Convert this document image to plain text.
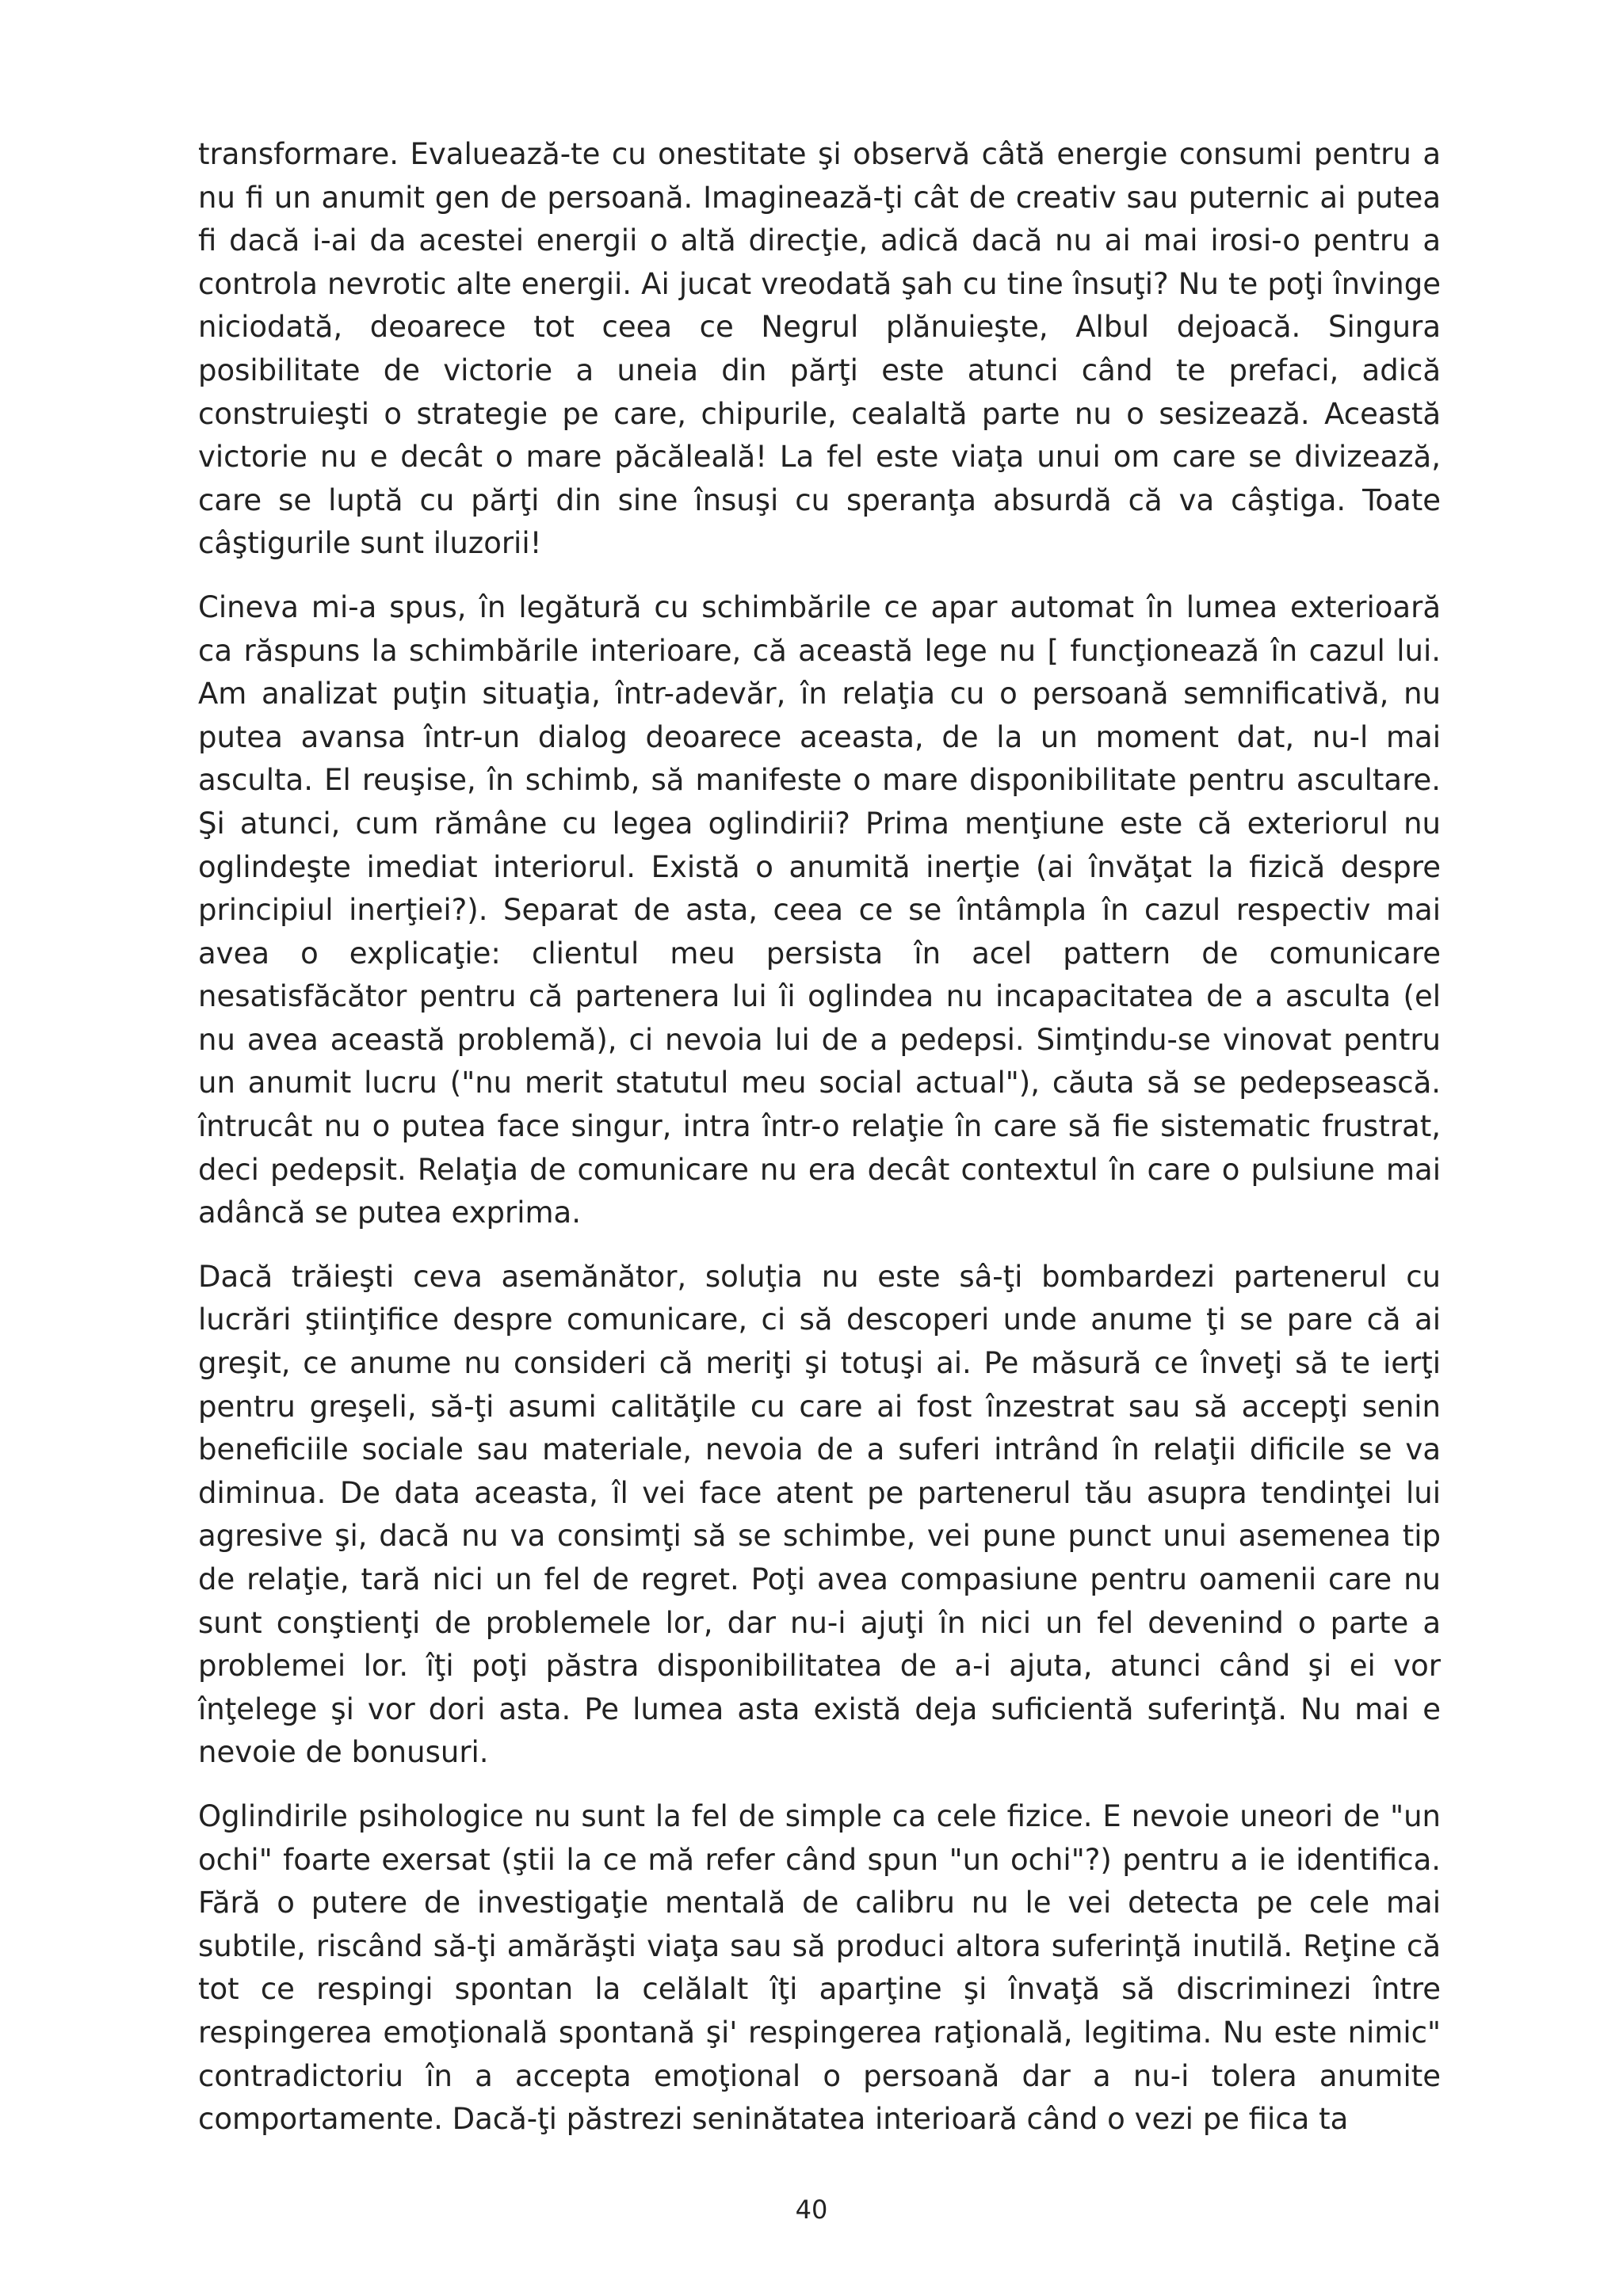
transformare. Evaluează-te cu onestitate şi observă câtă energie consumi pentru a nu fi un anumit gen de persoană. Imaginează-ţi cât de creativ sau puternic ai putea fi dacă i-ai da acestei energii o altă direcţie, adică dacă nu ai mai irosi-o pentru a controla nevrotic alte energii. Ai jucat vreodată şah cu tine însuţi? Nu te poţi învinge niciodată, deoarece tot ceea ce Negrul plănuieşte, Albul dejoacă. Singura posibilitate de victorie a uneia din părţi este atunci când te prefaci, adică construieşti o strategie pe care, chipurile, cealaltă parte nu o sesizează. Această victorie nu e decât o mare păcăleală! La fel este viaţa unui om care se divizează, care se luptă cu părţi din sine însuşi cu speranţa absurdă că va câştiga. Toate câştigurile sunt iluzorii!

Cineva mi-a spus, în legătură cu schimbările ce apar automat în lumea exterioară ca răspuns la schimbările interioare, că această lege nu [ funcţionează în cazul lui. Am analizat puţin situaţia, într-adevăr, în relaţia cu o persoană semnificativă, nu putea avansa într-un dialog deoarece aceasta, de la un moment dat, nu-l mai asculta. El reuşise, în schimb, să manifeste o mare disponibilitate pentru ascultare. Şi atunci, cum rămâne cu legea oglindirii? Prima menţiune este că exteriorul nu oglindeşte imediat interiorul. Există o anumită inerţie (ai învăţat la fizică despre principiul inerţiei?). Separat de asta, ceea ce se întâmpla în cazul respectiv mai avea o explicaţie: clientul meu persista în acel pattern de comunicare nesatisfăcător pentru că partenera lui îi oglindea nu incapacitatea de a asculta (el nu avea această problemă), ci nevoia lui de a pedepsi. Simţindu-se vinovat pentru un anumit lucru ("nu merit statutul meu social actual"), căuta să se pedepsească. întrucât nu o putea face singur, intra într-o relaţie în care să fie sistematic frustrat, deci pedepsit. Relaţia de comunicare nu era decât contextul în care o pulsiune mai adâncă se putea exprima.

Dacă trăieşti ceva asemănător, soluţia nu este sâ-ţi bombardezi partenerul cu lucrări ştiinţifice despre comunicare, ci să descoperi unde anume ţi se pare că ai greşit, ce anume nu consideri că meriţi şi totuşi ai. Pe măsură ce înveţi să te ierţi pentru greşeli, să-ţi asumi calităţile cu care ai fost înzestrat sau să accepţi senin beneficiile sociale sau materiale, nevoia de a suferi intrând în relaţii dificile se va diminua. De data aceasta, îl vei face atent pe partenerul tău asupra tendinţei lui agresive şi, dacă nu va consimţi să se schimbe, vei pune punct unui asemenea tip de relaţie, tară nici un fel de regret. Poţi avea compasiune pentru oamenii care nu sunt conştienţi de problemele lor, dar nu-i ajuţi în nici un fel devenind o parte a problemei lor. îţi poţi păstra disponibilitatea de a-i ajuta, atunci când şi ei vor înţelege şi vor dori asta. Pe lumea asta există deja suficientă suferinţă. Nu mai e nevoie de bonusuri.

Oglindirile psihologice nu sunt la fel de simple ca cele fizice. E nevoie uneori de "un ochi" foarte exersat (ştii la ce mă refer când spun "un ochi"?) pentru a ie identifica. Fără o putere de investigaţie mentală de calibru nu le vei detecta pe cele mai subtile, riscând să-ţi amărăşti viaţa sau să produci altora suferinţă inutilă. Reţine că tot ce respingi spontan la celălalt îţi aparţine şi învaţă să discriminezi între respingerea emoţională spontană şi' respingerea raţională, legitima. Nu este nimic" contradictoriu în a accepta emoţional o persoană dar a nu-i tolera anumite comportamente. Dacă-ţi păstrezi seninătatea interioară când o vezi pe fiica ta

40
